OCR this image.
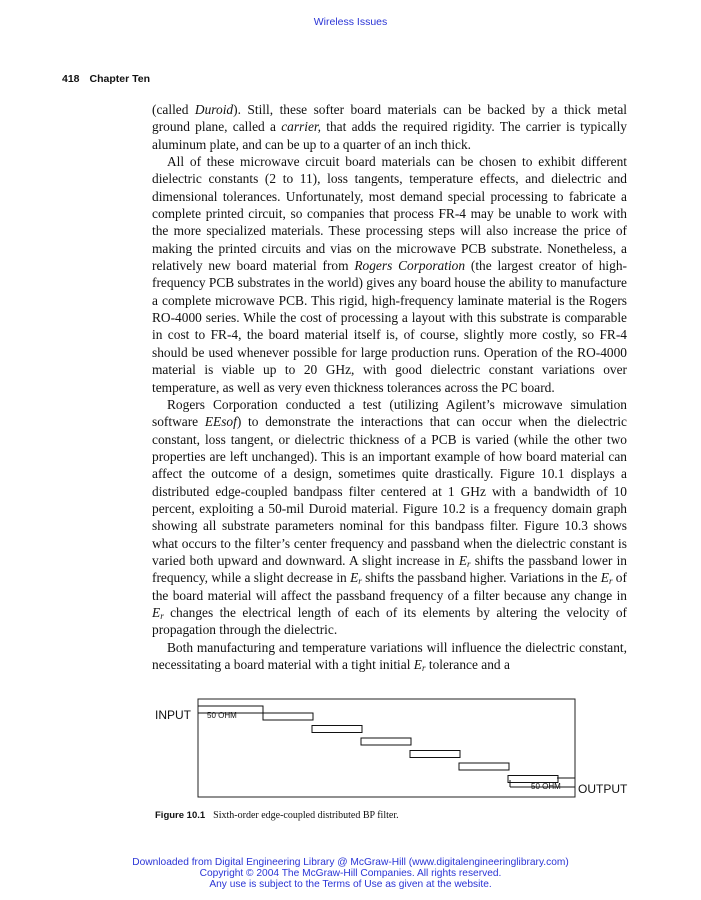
Wireless Issues
418 Chapter Ten

(called Duroid). Still, these softer board materials can be backed by a thick metal ground plane, called a carrier, that adds the required rigidity. The carrier is typically aluminum plate, and can be up to a quarter of an inch thick.

All of these microwave circuit board materials can be chosen to exhibit different dielectric constants (2 to 11), loss tangents, temperature effects, and dielectric and dimensional tolerances. Unfortunately, most demand special processing to fabricate a complete printed circuit, so companies that process FR-4 may be unable to work with the more specialized materials. These processing steps will also increase the price of making the printed circuits and vias on the microwave PCB substrate. Nonetheless, a relatively new board material from Rogers Corporation (the largest creator of high-frequency PCB substrates in the world) gives any board house the ability to manufacture a complete microwave PCB. This rigid, high-frequency laminate material is the Rogers RO-4000 series. While the cost of processing a layout with this substrate is comparable in cost to FR-4, the board material itself is, of course, slightly more costly, so FR-4 should be used whenever possible for large production runs. Operation of the RO-4000 material is viable up to 20 GHz, with good dielectric constant variations over temperature, as well as very even thickness tolerances across the PC board.

Rogers Corporation conducted a test (utilizing Agilent’s microwave simulation software EEsof) to demonstrate the interactions that can occur when the dielectric constant, loss tangent, or dielectric thickness of a PCB is varied (while the other two properties are left unchanged). This is an important example of how board material can affect the outcome of a design, sometimes quite drastically. Figure 10.1 displays a distributed edge-coupled bandpass filter centered at 1 GHz with a bandwidth of 10 percent, exploiting a 50-mil Duroid material. Figure 10.2 is a frequency domain graph showing all substrate parameters nominal for this bandpass filter. Figure 10.3 shows what occurs to the filter’s center frequency and passband when the dielectric constant is varied both upward and downward. A slight increase in $E_r$ shifts the passband lower in frequency, while a slight decrease in $E_r$ shifts the passband higher. Variations in the $E_r$ of the board material will affect the passband frequency of a filter because any change in $E_r$ changes the electrical length of each of its elements by altering the velocity of propagation through the dielectric.

Both manufacturing and temperature variations will influence the dielectric constant, necessitating a board material with a tight initial $E_r$ tolerance and a

INPUT
OUTPUT
50 OHM
50 OHM
Figure 10.1 Sixth-order edge-coupled distributed BP filter.
Downloaded from Digital Engineering Library @ McGraw-Hill (www.digitalengineeringlibrary.com)
Copyright © 2004 The McGraw-Hill Companies. All rights reserved.
Any use is subject to the Terms of Use as given at the website.
